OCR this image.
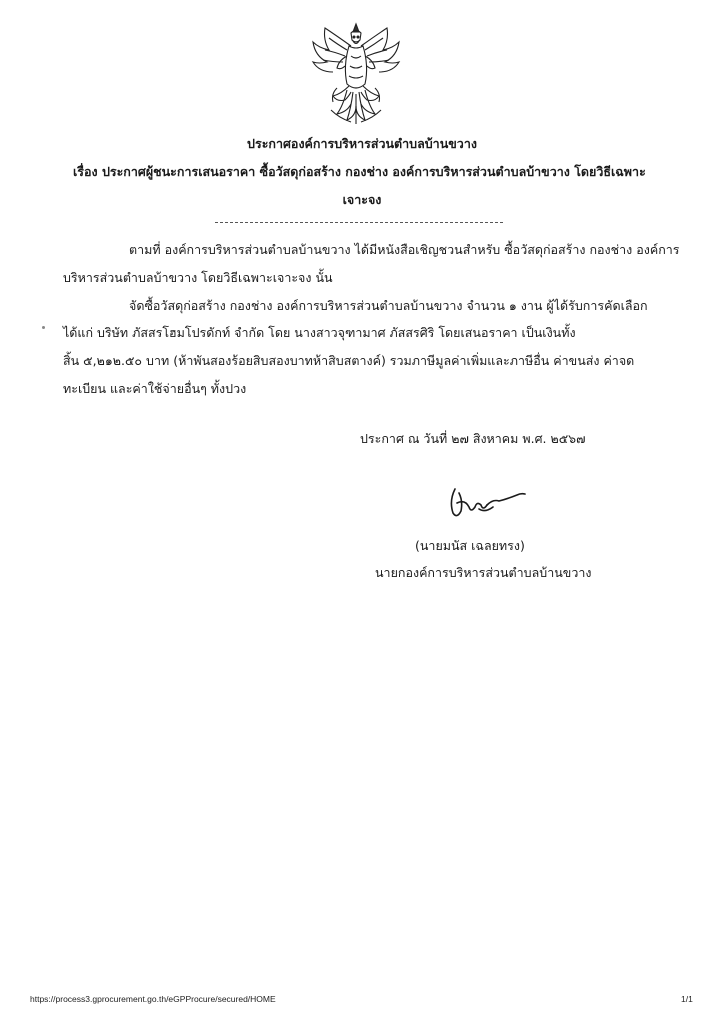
ประกาศองค์การบริหารส่วนตำบลบ้านขวาง
เรื่อง ประกาศผู้ชนะการเสนอราคา ซื้อวัสดุก่อสร้าง กองช่าง องค์การบริหารส่วนตำบลบ้าขวาง โดยวิธีเฉพาะ
เจาะจง
ตามที่ องค์การบริหารส่วนตำบลบ้านขวาง ได้มีหนังสือเชิญชวนสำหรับ ซื้อวัสดุก่อสร้าง กองช่าง องค์การ
บริหารส่วนตำบลบ้าขวาง โดยวิธีเฉพาะเจาะจง นั้น
จัดซื้อวัสดุก่อสร้าง กองช่าง องค์การบริหารส่วนตำบลบ้านขวาง จำนวน ๑ งาน ผู้ได้รับการคัดเลือก
ได้แก่ บริษัท ภัสสรโฮมโปรดักท์ จำกัด โดย นางสาวจุฑามาศ ภัสสรศิริ โดยเสนอราคา เป็นเงินทั้ง
สิ้น ๕,๒๑๒.๕๐ บาท (ห้าพันสองร้อยสิบสองบาทห้าสิบสตางค์) รวมภาษีมูลค่าเพิ่มและภาษีอื่น ค่าขนส่ง ค่าจด
ทะเบียน และค่าใช้จ่ายอื่นๆ ทั้งปวง
ประกาศ ณ วันที่ ๒๗ สิงหาคม พ.ศ. ๒๕๖๗
(นายมนัส เฉลยทรง)
นายกองค์การบริหารส่วนตำบลบ้านขวาง
https://process3.gprocurement.go.th/eGPProcure/secured/HOME	1/1
